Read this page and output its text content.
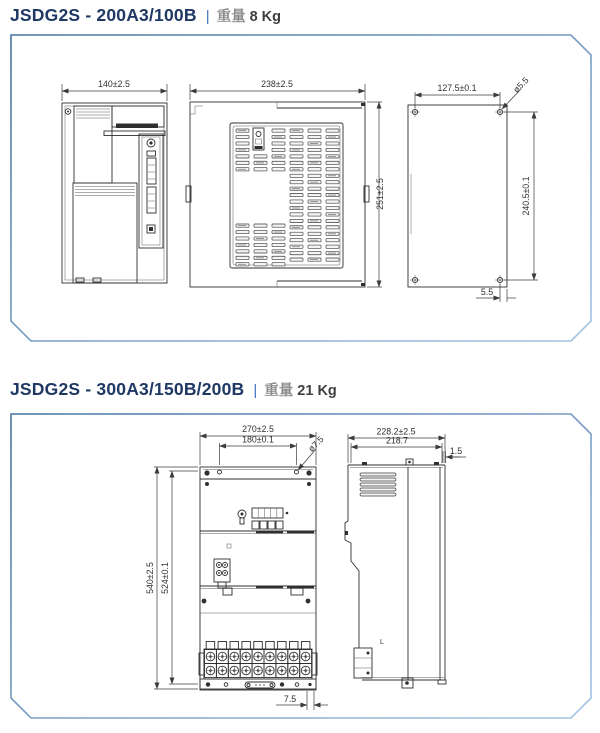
JSDG2S - 200A3/100B | 重量 8 Kg
140±2.5	238±2.5
251±2.5
127.5±0.1	ø5.5
240.5±0.1
5.5
JSDG2S - 300A3/150B/200B | 重量 21 Kg
270±2.5
180±0.1	ø7.5
540±2.5 524±0.1
7.5
228.2±2.5
218.7
1.5
L
